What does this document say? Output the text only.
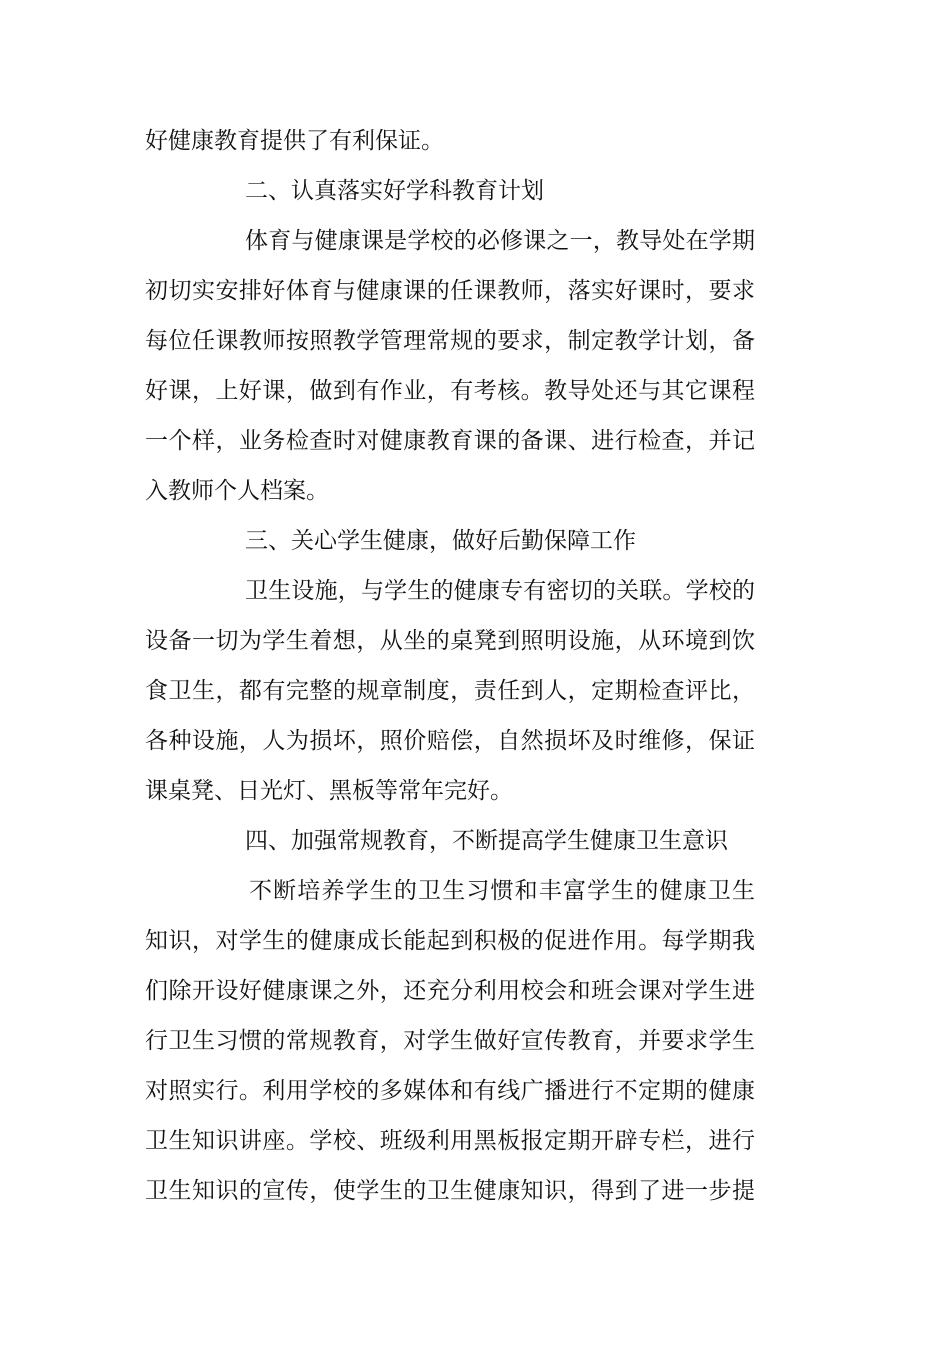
好健康教育提供了有利保证。
二、认真落实好学科教育计划
体育与健康课是学校的必修课之一，教导处在学期
初切实安排好体育与健康课的任课教师，落实好课时，要求
每位任课教师按照教学管理常规的要求，制定教学计划，备
好课，上好课，做到有作业，有考核。教导处还与其它课程
一个样，业务检查时对健康教育课的备课、进行检查，并记
入教师个人档案。
三、关心学生健康，做好后勤保障工作
卫生设施，与学生的健康专有密切的关联。学校的
设备一切为学生着想，从坐的桌凳到照明设施，从环境到饮
食卫生，都有完整的规章制度，责任到人，定期检查评比，
各种设施，人为损坏，照价赔偿，自然损坏及时维修，保证
课桌凳、日光灯、黑板等常年完好。
四、加强常规教育，不断提高学生健康卫生意识
不断培养学生的卫生习惯和丰富学生的健康卫生
知识，对学生的健康成长能起到积极的促进作用。每学期我
们除开设好健康课之外，还充分利用校会和班会课对学生进
行卫生习惯的常规教育，对学生做好宣传教育，并要求学生
对照实行。利用学校的多媒体和有线广播进行不定期的健康
卫生知识讲座。学校、班级利用黑板报定期开辟专栏，进行
卫生知识的宣传，使学生的卫生健康知识，得到了进一步提
